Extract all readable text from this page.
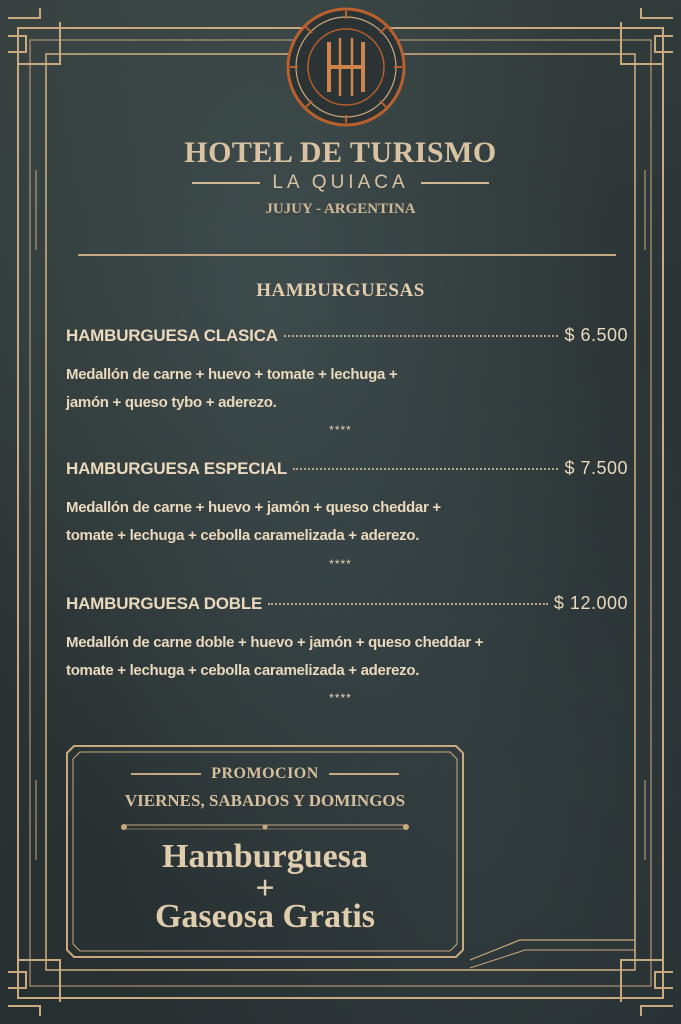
HOTEL DE TURISMO
LA QUIACA
JUJUY - ARGENTINA
HAMBURGUESAS
HAMBURGUESA CLASICA	$ 6.500
Medallón de carne + huevo + tomate + lechuga +
jamón + queso tybo + aderezo.
****
HAMBURGUESA ESPECIAL	$ 7.500
Medallón de carne + huevo + jamón + queso cheddar +
tomate + lechuga + cebolla caramelizada + aderezo.
****
HAMBURGUESA DOBLE	$ 12.000
Medallón de carne doble + huevo + jamón + queso cheddar +
tomate + lechuga + cebolla caramelizada + aderezo.
****
PROMOCION
VIERNES, SABADOS Y DOMINGOS
Hamburguesa
+
Gaseosa Gratis
